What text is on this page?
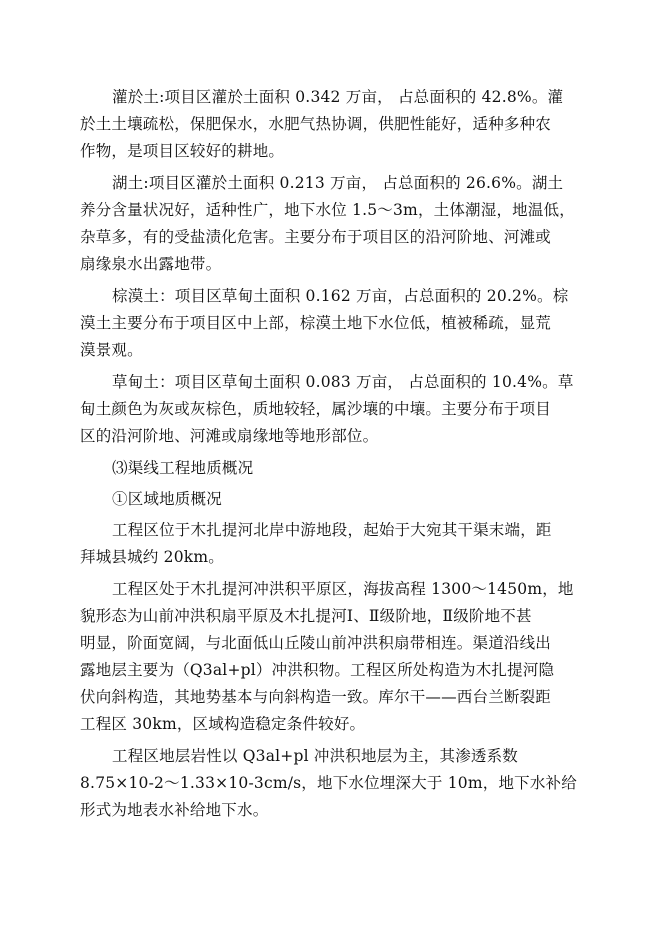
灌於土:项目区灌於土面积 0.342 万亩， 占总面积的 42.8%。灌
於土土壤疏松，保肥保水，水肥气热协调，供肥性能好，适种多种农
作物，是项目区较好的耕地。
湖土:项目区灌於土面积 0.213 万亩， 占总面积的 26.6%。湖土
养分含量状况好，适种性广，地下水位 1.5～3m，土体潮湿，地温低，
杂草多，有的受盐渍化危害。主要分布于项目区的沿河阶地、河滩或
扇缘泉水出露地带。
棕漠土：项目区草甸土面积 0.162 万亩，占总面积的 20.2%。棕
漠土主要分布于项目区中上部，棕漠土地下水位低，植被稀疏，显荒
漠景观。
草甸土：项目区草甸土面积 0.083 万亩， 占总面积的 10.4%。草
甸土颜色为灰或灰棕色，质地较轻，属沙壤的中壤。主要分布于项目
区的沿河阶地、河滩或扇缘地等地形部位。
⑶渠线工程地质概况
①区域地质概况
工程区位于木扎提河北岸中游地段，起始于大宛其干渠末端，距
拜城县城约 20km。
工程区处于木扎提河冲洪积平原区，海拔高程 1300～1450m，地
貌形态为山前冲洪积扇平原及木扎提河Ⅰ、Ⅱ级阶地，Ⅱ级阶地不甚
明显，阶面宽阔，与北面低山丘陵山前冲洪积扇带相连。渠道沿线出
露地层主要为（Q3al+pl）冲洪积物。工程区所处构造为木扎提河隐
伏向斜构造，其地势基本与向斜构造一致。库尔干——西台兰断裂距
工程区 30km，区域构造稳定条件较好。
工程区地层岩性以 Q3al+pl 冲洪积地层为主，其渗透系数
8.75×10-2～1.33×10-3cm/s，地下水位埋深大于 10m，地下水补给
形式为地表水补给地下水。
